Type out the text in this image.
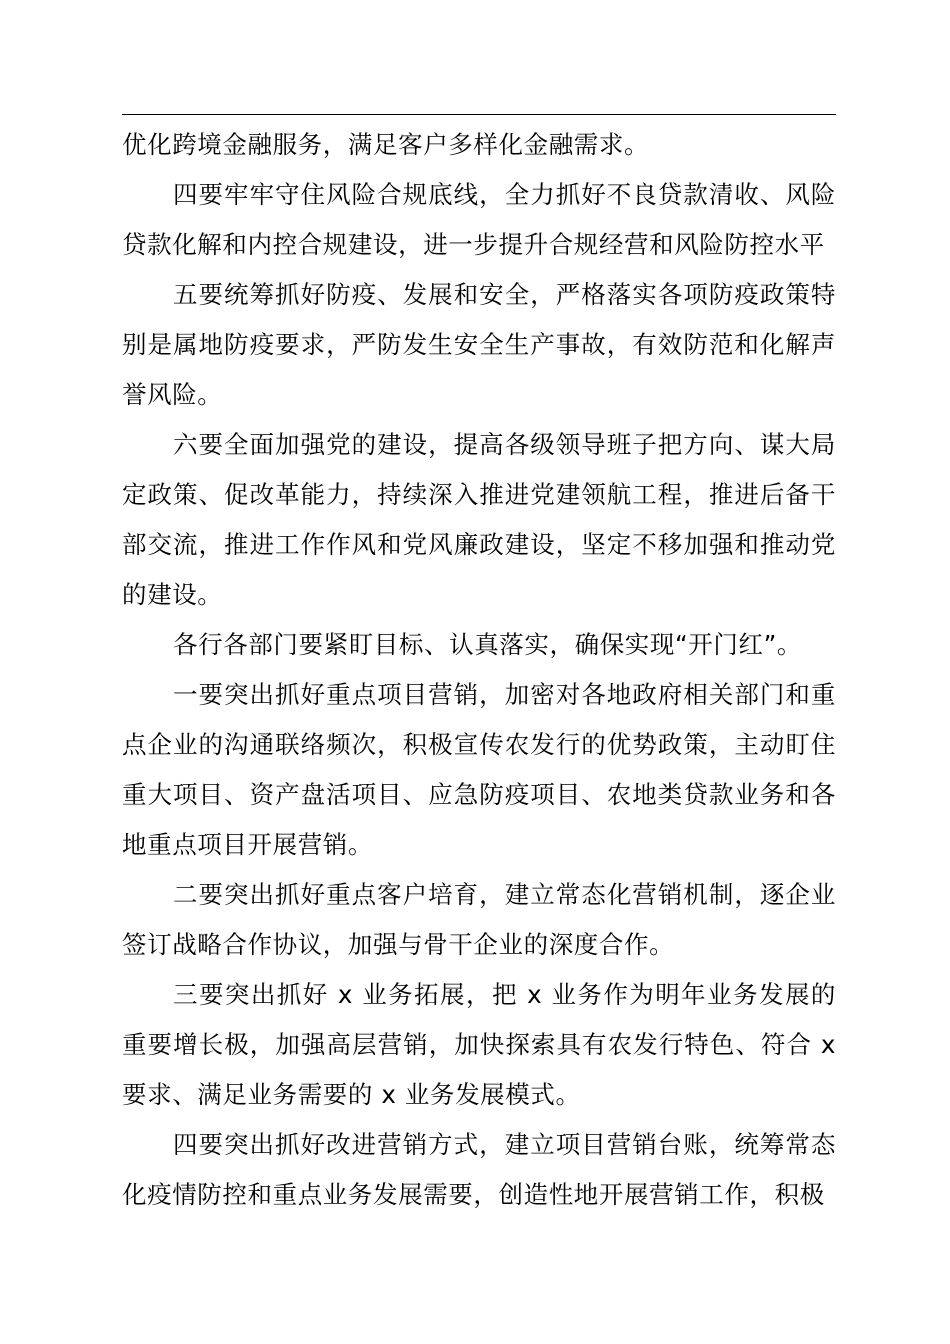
优化跨境金融服务，满足客户多样化金融需求。

四要牢牢守住风险合规底线，全力抓好不良贷款清收、风险贷款化解和内控合规建设，进一步提升合规经营和风险防控水平

五要统筹抓好防疫、发展和安全，严格落实各项防疫政策特别是属地防疫要求，严防发生安全生产事故，有效防范和化解声誉风险。

六要全面加强党的建设，提高各级领导班子把方向、谋大局定政策、促改革能力，持续深入推进党建领航工程，推进后备干部交流，推进工作作风和党风廉政建设，坚定不移加强和推动党的建设。

各行各部门要紧盯目标、认真落实，确保实现“开门红”。

一要突出抓好重点项目营销，加密对各地政府相关部门和重点企业的沟通联络频次，积极宣传农发行的优势政策，主动盯住重大项目、资产盘活项目、应急防疫项目、农地类贷款业务和各地重点项目开展营销。

二要突出抓好重点客户培育，建立常态化营销机制，逐企业签订战略合作协议，加强与骨干企业的深度合作。

三要突出抓好 x 业务拓展，把 x 业务作为明年业务发展的重要增长极，加强高层营销，加快探索具有农发行特色、符合 x 要求、满足业务需要的 x 业务发展模式。

四要突出抓好改进营销方式，建立项目营销台账，统筹常态化疫情防控和重点业务发展需要，创造性地开展营销工作，积极
